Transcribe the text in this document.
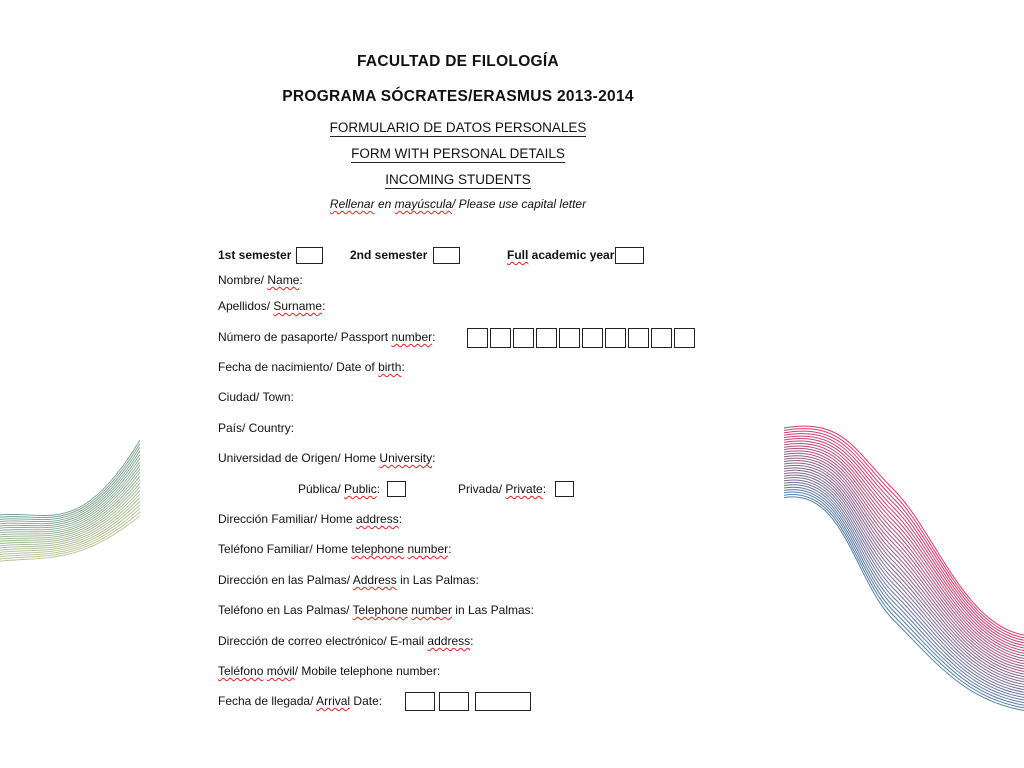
FACULTAD DE FILOLOGÍA
PROGRAMA SÓCRATES/ERASMUS 2013-2014
FORMULARIO DE DATOS PERSONALES
FORM WITH PERSONAL DETAILS
INCOMING STUDENTS
Rellenar en mayúscula/ Please use capital letter
1st semester	2nd semester	Full academic year
Nombre/ Name:
Apellidos/ Surname:
Número de pasaporte/ Passport number:
Fecha de nacimiento/ Date of birth:
Ciudad/ Town:
País/ Country:
Universidad de Origen/ Home University:
Pública/ Public:	Privada/ Private:
Dirección Familiar/ Home address:
Teléfono Familiar/ Home telephone number:
Dirección en las Palmas/ Address in Las Palmas:
Teléfono en Las Palmas/ Telephone number in Las Palmas:
Dirección de correo electrónico/ E-mail address:
Teléfono móvil/ Mobile telephone number:
Fecha de llegada/ Arrival Date:
